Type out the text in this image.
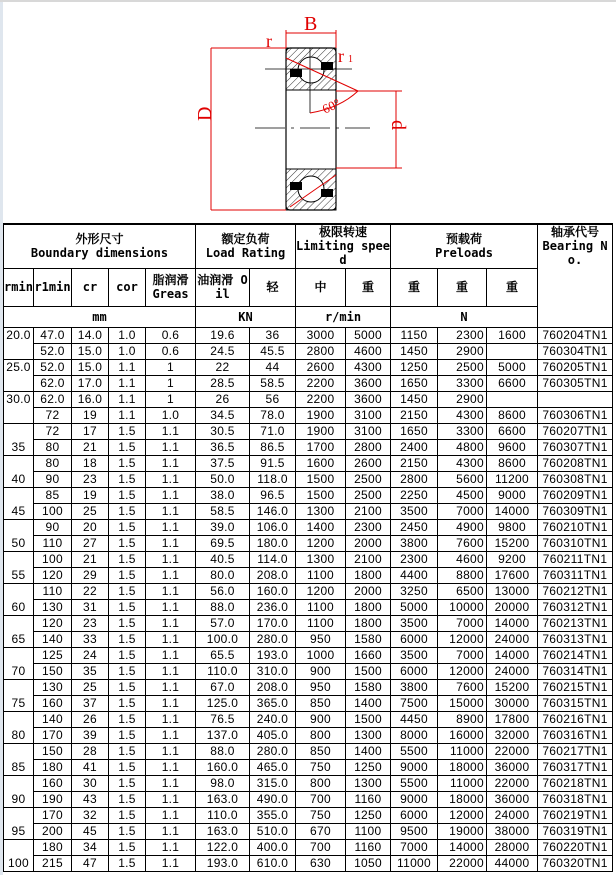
B
r
r 1
D
d
60°
外形尺寸
Boundary dimensions					额定负荷
Load Rating		极限转速
Limiting speed		预载荷
Preloads			轴承代号
Bearing No.
rmin	r1min	cr	cor	脂润滑 Greas	油润滑 Oil	轻	中	重	重	重	重	
mm					KN		r/min		N			
20.0	47.0	14.0	1.0	0.6	19.6	36	3000	5000	1150	2300	1600	760204TN1
	52.0	15.0	1.0	0.6	24.5	45.5	2800	4600	1450	2900		760304TN1
25.0	52.0	15.0	1.1	1	22	44	2600	4300	1250	2500	5000	760205TN1
	62.0	17.0	1.1	1	28.5	58.5	2200	3600	1650	3300	6600	760305TN1
30.0	62.0	16.0	1.1	1	26	56	2200	3600	1450	2900		
	72	19	1.1	1.0	34.5	78.0	1900	3100	2150	4300	8600	760306TN1
35	72	17	1.5	1.1	30.5	71.0	1900	3100	1650	3300	6600	760207TN1
	80	21	1.5	1.1	36.5	86.5	1700	2800	2400	4800	9600	760307TN1
40	80	18	1.5	1.1	37.5	91.5	1600	2600	2150	4300	8600	760208TN1
	90	23	1.5	1.1	50.0	118.0	1500	2500	2800	5600	11200	760308TN1
45	85	19	1.5	1.1	38.0	96.5	1500	2500	2250	4500	9000	760209TN1
	100	25	1.5	1.1	58.5	146.0	1300	2100	3500	7000	14000	760309TN1
50	90	20	1.5	1.1	39.0	106.0	1400	2300	2450	4900	9800	760210TN1
	110	27	1.5	1.1	69.5	180.0	1200	2000	3800	7600	15200	760310TN1
55	100	21	1.5	1.1	40.5	114.0	1300	2100	2300	4600	9200	760211TN1
	120	29	1.5	1.1	80.0	208.0	1100	1800	4400	8800	17600	760311TN1
60	110	22	1.5	1.1	56.0	160.0	1200	2000	3250	6500	13000	760212TN1
	130	31	1.5	1.1	88.0	236.0	1100	1800	5000	10000	20000	760312TN1
65	120	23	1.5	1.1	57.0	170.0	1100	1800	3500	7000	14000	760213TN1
	140	33	1.5	1.1	100.0	280.0	950	1580	6000	12000	24000	760313TN1
70	125	24	1.5	1.1	65.5	193.0	1000	1660	3500	7000	14000	760214TN1
	150	35	1.5	1.1	110.0	310.0	900	1500	6000	12000	24000	760314TN1
75	130	25	1.5	1.1	67.0	208.0	950	1580	3800	7600	15200	760215TN1
	160	37	1.5	1.1	125.0	365.0	850	1400	7500	15000	30000	760315TN1
80	140	26	1.5	1.1	76.5	240.0	900	1500	4450	8900	17800	760216TN1
	170	39	1.5	1.1	137.0	405.0	800	1300	8000	16000	32000	760316TN1
85	150	28	1.5	1.1	88.0	280.0	850	1400	5500	11000	22000	760217TN1
	180	41	1.5	1.1	160.0	465.0	750	1250	9000	18000	36000	760317TN1
90	160	30	1.5	1.1	98.0	315.0	800	1300	5500	11000	22000	760218TN1
	190	43	1.5	1.1	163.0	490.0	700	1160	9000	18000	36000	760318TN1
95	170	32	1.5	1.1	110.0	355.0	750	1250	6000	12000	24000	760219TN1
	200	45	1.5	1.1	163.0	510.0	670	1100	9500	19000	38000	760319TN1
100	180	34	1.5	1.1	122.0	400.0	700	1160	7000	14000	28000	760220TN1
	215	47	1.5	1.1	193.0	610.0	630	1050	11000	22000	44000	760320TN1
